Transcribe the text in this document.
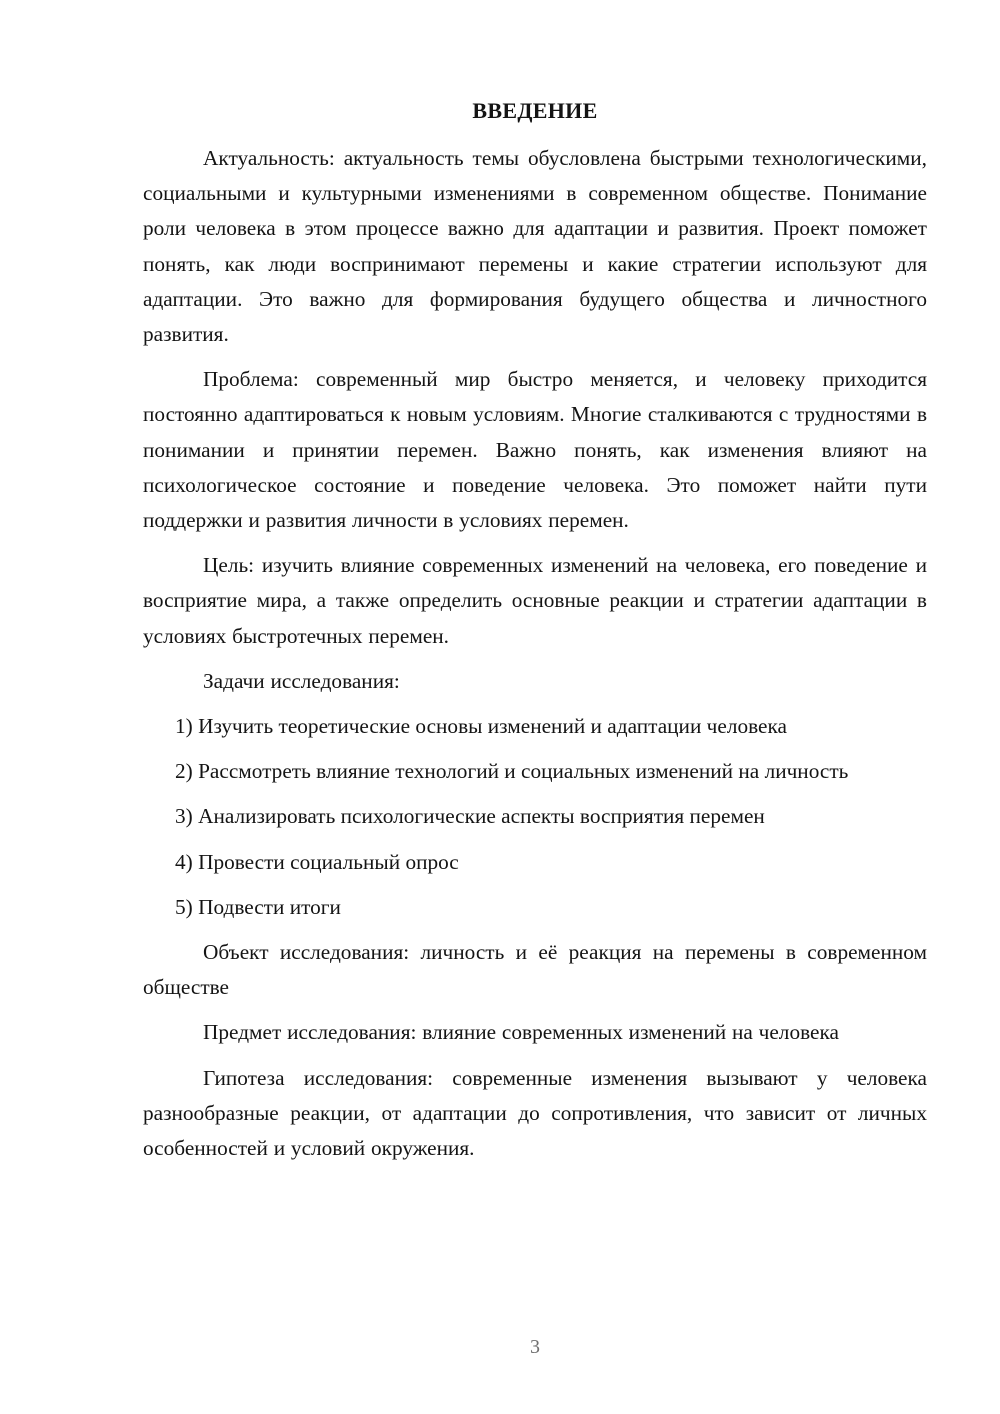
ВВЕДЕНИЕ

Актуальность: актуальность темы обусловлена быстрыми технологическими, социальными и культурными изменениями в современном обществе. Понимание роли человека в этом процессе важно для адаптации и развития. Проект поможет понять, как люди воспринимают перемены и какие стратегии используют для адаптации. Это важно для формирования будущего общества и личностного развития.

Проблема: современный мир быстро меняется, и человеку приходится постоянно адаптироваться к новым условиям. Многие сталкиваются с трудностями в понимании и принятии перемен. Важно понять, как изменения влияют на психологическое состояние и поведение человека. Это поможет найти пути поддержки и развития личности в условиях перемен.

Цель: изучить влияние современных изменений на человека, его поведение и восприятие мира, а также определить основные реакции и стратегии адаптации в условиях быстротечных перемен.

Задачи исследования:

1) Изучить теоретические основы изменений и адаптации человека

2) Рассмотреть влияние технологий и социальных изменений на личность

3) Анализировать психологические аспекты восприятия перемен

4) Провести социальный опрос

5) Подвести итоги

Объект исследования: личность и её реакция на перемены в современном обществе

Предмет исследования: влияние современных изменений на человека

Гипотеза исследования: современные изменения вызывают у человека разнообразные реакции, от адаптации до сопротивления, что зависит от личных особенностей и условий окружения.

3
